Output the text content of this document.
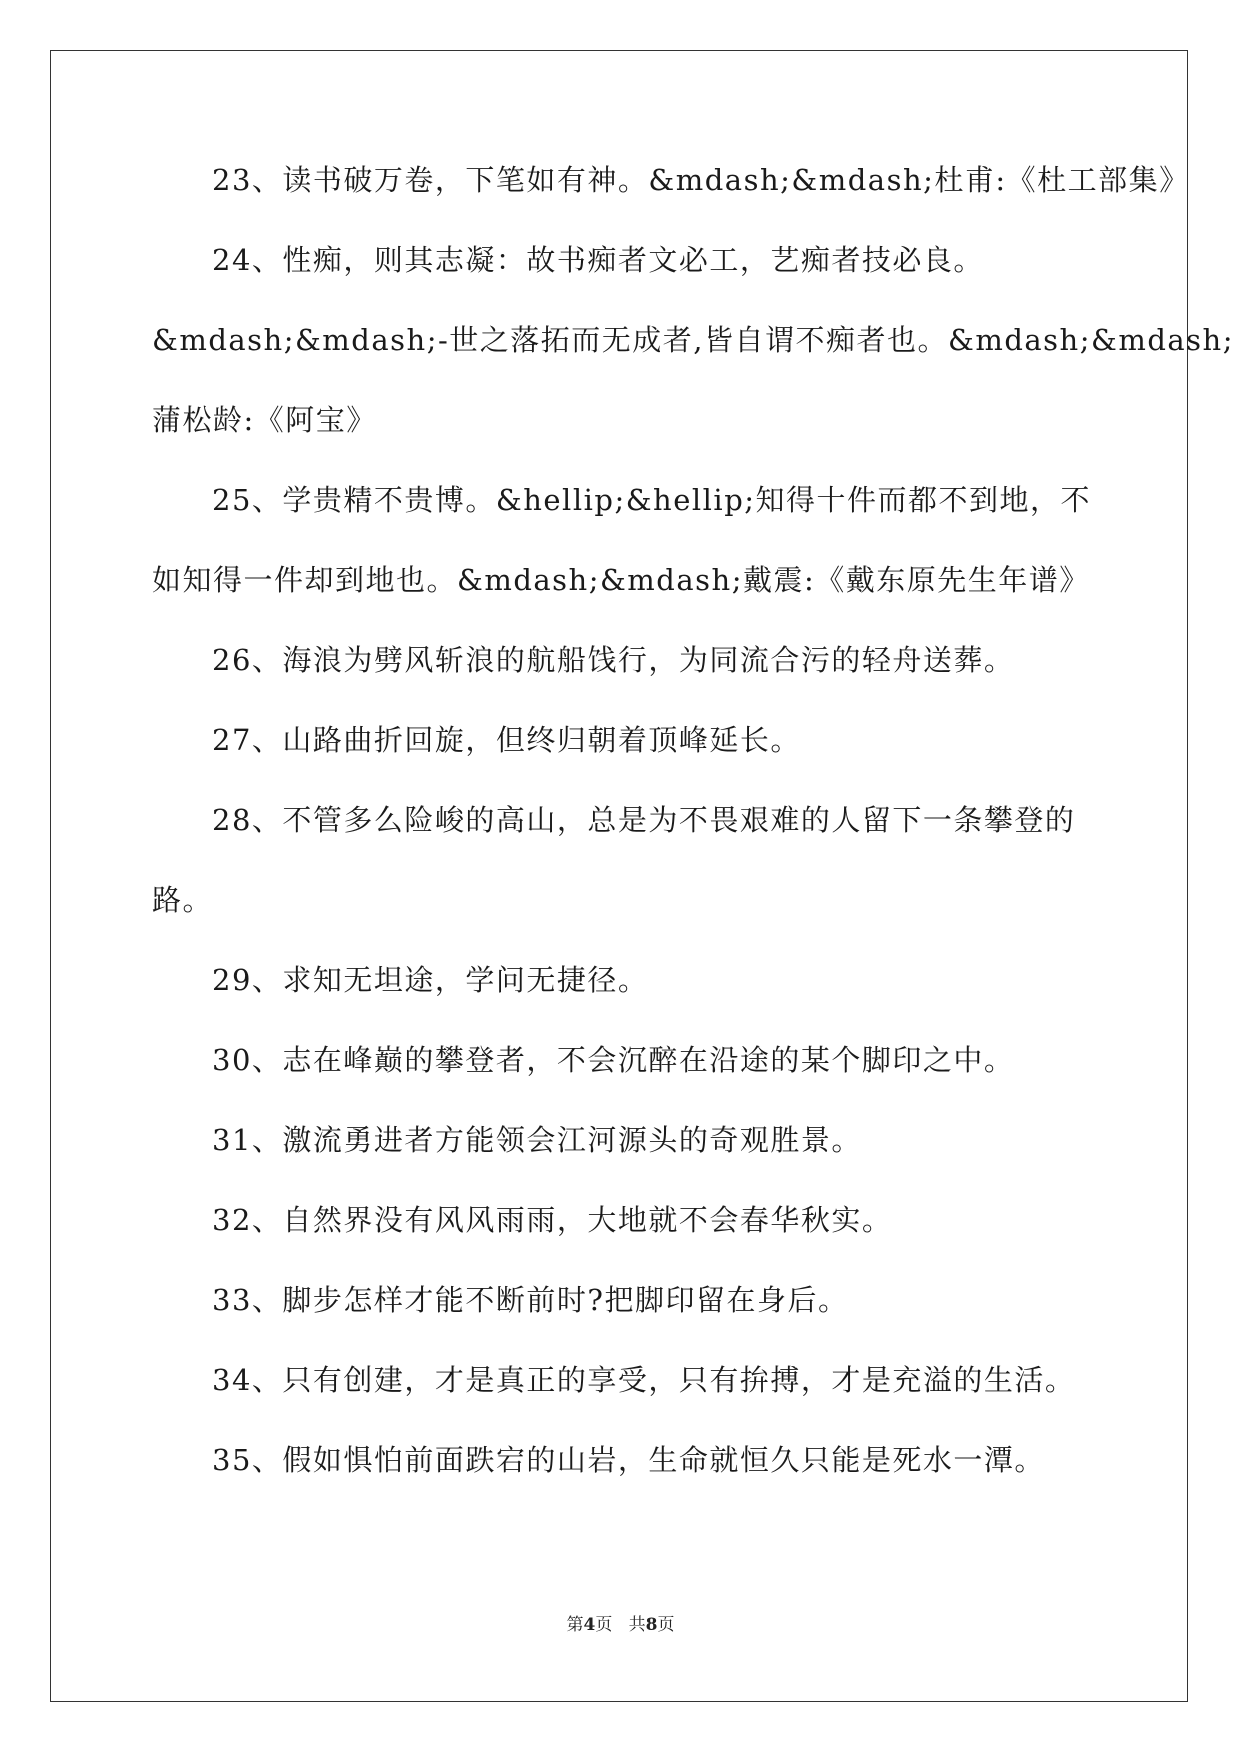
23、读书破万卷，下笔如有神。&mdash;&mdash;杜甫:《杜工部集》
24、性痴，则其志凝：故书痴者文必工，艺痴者技必良。
&mdash;&mdash;-世之落拓而无成者,皆自谓不痴者也。&mdash;&mdash;
蒲松龄:《阿宝》
25、学贵精不贵博。&hellip;&hellip;知得十件而都不到地，不
如知得一件却到地也。&mdash;&mdash;戴震:《戴东原先生年谱》
26、海浪为劈风斩浪的航船饯行，为同流合污的轻舟送葬。
27、山路曲折回旋，但终归朝着顶峰延长。
28、不管多么险峻的高山，总是为不畏艰难的人留下一条攀登的
路。
29、求知无坦途，学问无捷径。
30、志在峰巅的攀登者，不会沉醉在沿途的某个脚印之中。
31、激流勇进者方能领会江河源头的奇观胜景。
32、自然界没有风风雨雨，大地就不会春华秋实。
33、脚步怎样才能不断前时?把脚印留在身后。
34、只有创建，才是真正的享受，只有拚搏，才是充溢的生活。
35、假如惧怕前面跌宕的山岩，生命就恒久只能是死水一潭。
第4页 共8页
